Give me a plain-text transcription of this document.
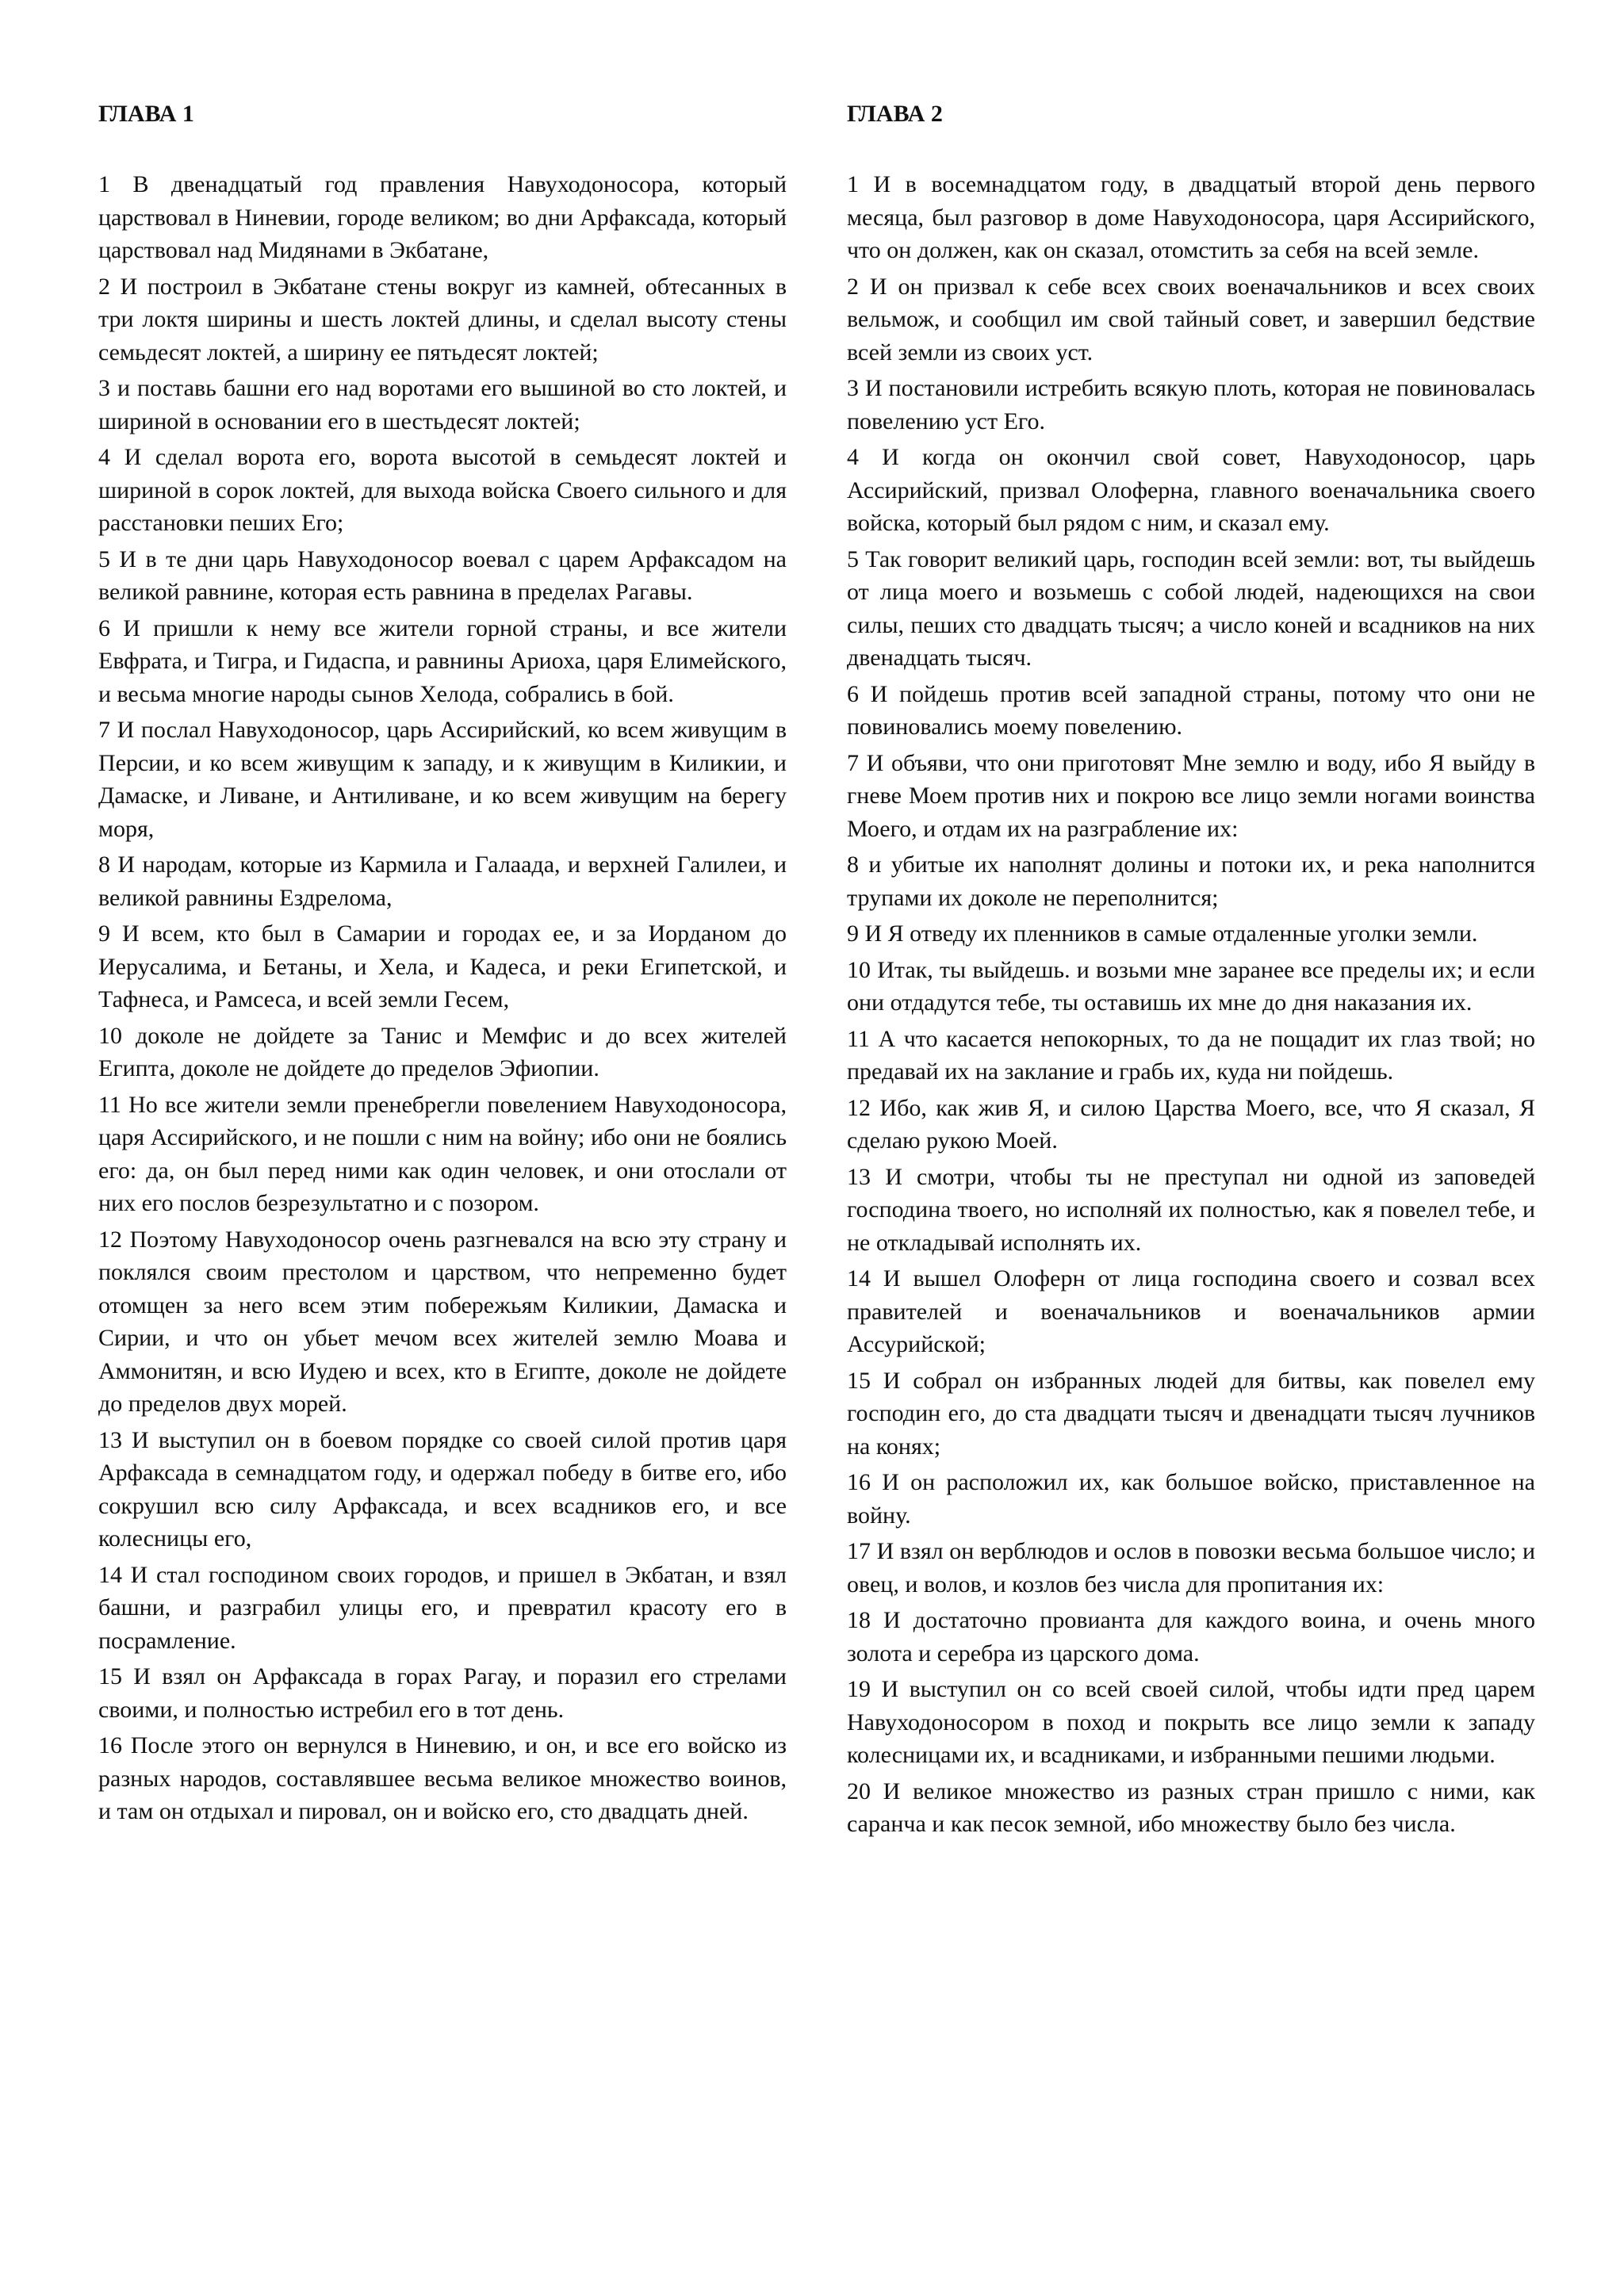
ГЛАВА 1

1 В двенадцатый год правления Навуходоносора, который царствовал в Ниневии, городе великом; во дни Арфаксада, который царствовал над Мидянами в Экбатане,

2 И построил в Экбатане стены вокруг из камней, обтесанных в три локтя ширины и шесть локтей длины, и сделал высоту стены семьдесят локтей, а ширину ее пятьдесят локтей;

3 и поставь башни его над воротами его вышиной во сто локтей, и шириной в основании его в шестьдесят локтей;

4 И сделал ворота его, ворота высотой в семьдесят локтей и шириной в сорок локтей, для выхода войска Своего сильного и для расстановки пеших Его;

5 И в те дни царь Навуходоносор воевал с царем Арфаксадом на великой равнине, которая есть равнина в пределах Рагавы.

6 И пришли к нему все жители горной страны, и все жители Евфрата, и Тигра, и Гидаспа, и равнины Ариоха, царя Елимейского, и весьма многие народы сынов Хелода, собрались в бой.

7 И послал Навуходоносор, царь Ассирийский, ко всем живущим в Персии, и ко всем живущим к западу, и к живущим в Киликии, и Дамаске, и Ливане, и Антиливане, и ко всем живущим на берегу моря,

8 И народам, которые из Кармила и Галаада, и верхней Галилеи, и великой равнины Ездрелома,

9 И всем, кто был в Самарии и городах ее, и за Иорданом до Иерусалима, и Бетаны, и Хела, и Кадеса, и реки Египетской, и Тафнеса, и Рамсеса, и всей земли Гесем,

10 доколе не дойдете за Танис и Мемфис и до всех жителей Египта, доколе не дойдете до пределов Эфиопии.

11 Но все жители земли пренебрегли повелением Навуходоносора, царя Ассирийского, и не пошли с ним на войну; ибо они не боялись его: да, он был перед ними как один человек, и они отослали от них его послов безрезультатно и с позором.

12 Поэтому Навуходоносор очень разгневался на всю эту страну и поклялся своим престолом и царством, что непременно будет отомщен за него всем этим побережьям Киликии, Дамаска и Сирии, и что он убьет мечом всех жителей землю Моава и Аммонитян, и всю Иудею и всех, кто в Египте, доколе не дойдете до пределов двух морей.

13 И выступил он в боевом порядке со своей силой против царя Арфаксада в семнадцатом году, и одержал победу в битве его, ибо сокрушил всю силу Арфаксада, и всех всадников его, и все колесницы его,

14 И стал господином своих городов, и пришел в Экбатан, и взял башни, и разграбил улицы его, и превратил красоту его в посрамление.

15 И взял он Арфаксада в горах Рагау, и поразил его стрелами своими, и полностью истребил его в тот день.

16 После этого он вернулся в Ниневию, и он, и все его войско из разных народов, составлявшее весьма великое множество воинов, и там он отдыхал и пировал, он и войско его, сто двадцать дней.

ГЛАВА 2

1 И в восемнадцатом году, в двадцатый второй день первого месяца, был разговор в доме Навуходоносора, царя Ассирийского, что он должен, как он сказал, отомстить за себя на всей земле.

2 И он призвал к себе всех своих военачальников и всех своих вельмож, и сообщил им свой тайный совет, и завершил бедствие всей земли из своих уст.

3 И постановили истребить всякую плоть, которая не повиновалась повелению уст Его.

4 И когда он окончил свой совет, Навуходоносор, царь Ассирийский, призвал Олоферна, главного военачальника своего войска, который был рядом с ним, и сказал ему.

5 Так говорит великий царь, господин всей земли: вот, ты выйдешь от лица моего и возьмешь с собой людей, надеющихся на свои силы, пеших сто двадцать тысяч; а число коней и всадников на них двенадцать тысяч.

6 И пойдешь против всей западной страны, потому что они не повиновались моему повелению.

7 И объяви, что они приготовят Мне землю и воду, ибо Я выйду в гневе Моем против них и покрою все лицо земли ногами воинства Моего, и отдам их на разграбление их:

8 и убитые их наполнят долины и потоки их, и река наполнится трупами их доколе не переполнится;

9 И Я отведу их пленников в самые отдаленные уголки земли.

10 Итак, ты выйдешь. и возьми мне заранее все пределы их; и если они отдадутся тебе, ты оставишь их мне до дня наказания их.

11 А что касается непокорных, то да не пощадит их глаз твой; но предавай их на заклание и грабь их, куда ни пойдешь.

12 Ибо, как жив Я, и силою Царства Моего, все, что Я сказал, Я сделаю рукою Моей.

13 И смотри, чтобы ты не преступал ни одной из заповедей господина твоего, но исполняй их полностью, как я повелел тебе, и не откладывай исполнять их.

14 И вышел Олоферн от лица господина своего и созвал всех правителей и военачальников и военачальников армии Ассурийской;

15 И собрал он избранных людей для битвы, как повелел ему господин его, до ста двадцати тысяч и двенадцати тысяч лучников на конях;

16 И он расположил их, как большое войско, приставленное на войну.

17 И взял он верблюдов и ослов в повозки весьма большое число; и овец, и волов, и козлов без числа для пропитания их:

18 И достаточно провианта для каждого воина, и очень много золота и серебра из царского дома.

19 И выступил он со всей своей силой, чтобы идти пред царем Навуходоносором в поход и покрыть все лицо земли к западу колесницами их, и всадниками, и избранными пешими людьми.

20 И великое множество из разных стран пришло с ними, как саранча и как песок земной, ибо множеству было без числа.
